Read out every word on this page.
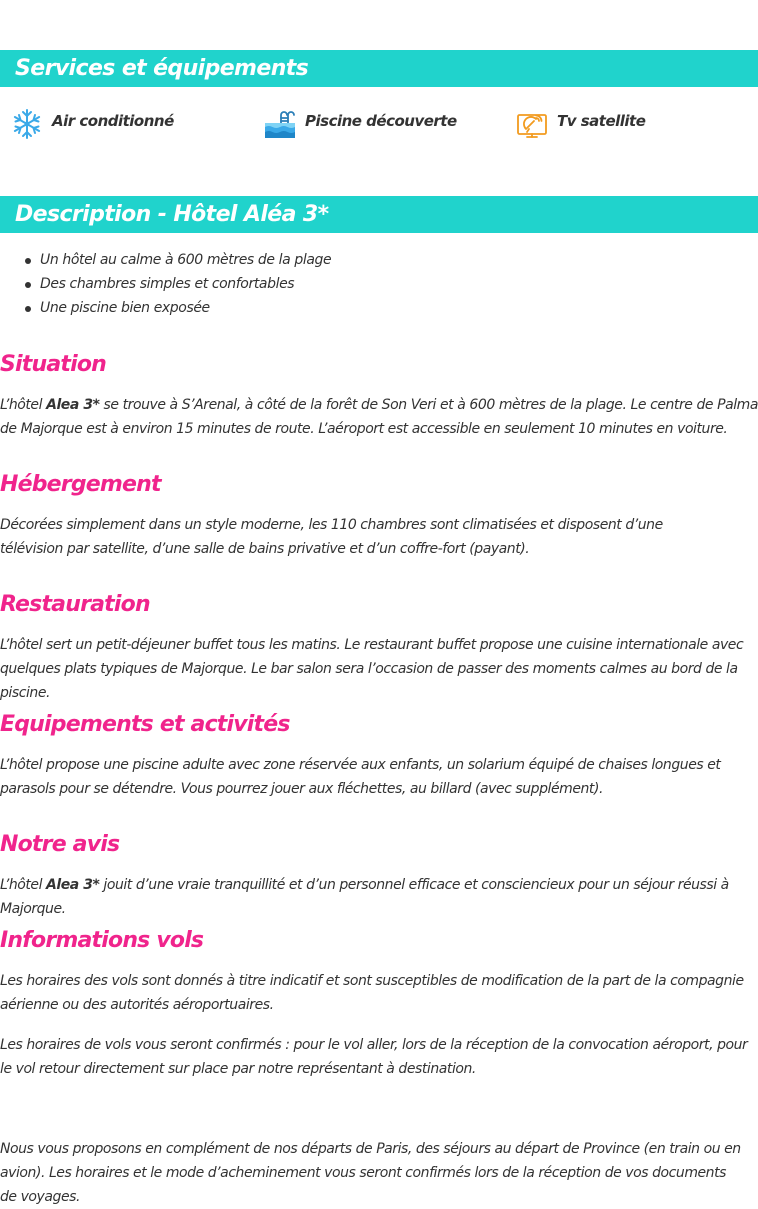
Services et équipements
Air conditionné	Piscine découverte	Tv satellite
Description - Hôtel Aléa 3*
Un hôtel au calme à 600 mètres de la plage
Des chambres simples et confortables
Une piscine bien exposée
Situation

L’hôtel Alea 3* se trouve à S’Arenal, à côté de la forêt de Son Veri et à 600 mètres de la plage. Le centre de Palma de Majorque est à environ 15 minutes de route. L’aéroport est accessible en seulement 10 minutes en voiture.

Hébergement

Décorées simplement dans un style moderne, les 110 chambres sont climatisées et disposent d’une télévision par satellite, d’une salle de bains privative et d’un coffre-fort (payant).

Restauration

L’hôtel sert un petit-déjeuner buffet tous les matins. Le restaurant buffet propose une cuisine internationale avec quelques plats typiques de Majorque. Le bar salon sera l’occasion de passer des moments calmes au bord de la piscine.

Equipements et activités

L’hôtel propose une piscine adulte avec zone réservée aux enfants, un solarium équipé de chaises longues et parasols pour se détendre. Vous pourrez jouer aux fléchettes, au billard (avec supplément).

Notre avis

L’hôtel Alea 3* jouit d’une vraie tranquillité et d’un personnel efficace et consciencieux pour un séjour réussi à Majorque.

Informations vols

Les horaires des vols sont donnés à titre indicatif et sont susceptibles de modification de la part de la compagnie aérienne ou des autorités aéroportuaires.

Les horaires de vols vous seront confirmés : pour le vol aller, lors de la réception de la convocation aéroport, pour le vol retour directement sur place par notre représentant à destination.

Nous vous proposons en complément de nos départs de Paris, des séjours au départ de Province (en train ou en avion). Les horaires et le mode d’acheminement vous seront confirmés lors de la réception de vos documents de voyages.
